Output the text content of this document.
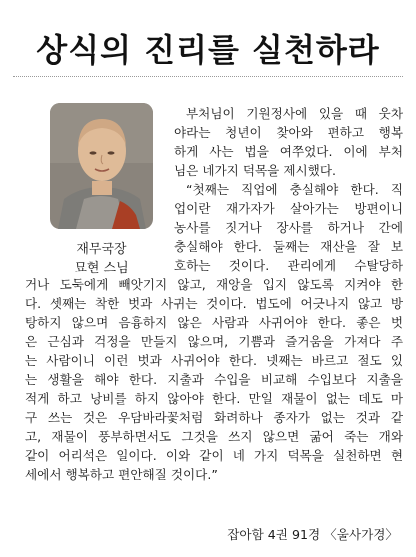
상식의 진리를 실천하라
재무국장
묘현 스님
부처님이 기원정사에 있을 때 웃차
야라는 청년이 찾아와 편하고 행복
하게 사는 법을 여쭈었다. 이에 부처
님은 네가지 덕목을 제시했다.
“첫째는 직업에 충실해야 한다. 직
업이란 재가자가 살아가는 방편이니
농사를 짓거나 장사를 하거나 간에
충실해야 한다. 둘째는 재산을 잘 보
호하는 것이다. 관리에게 수탈당하
거나 도둑에게 빼앗기지 않고, 재앙을 입지 않도록 지켜야 한
다. 셋째는 착한 벗과 사귀는 것이다. 법도에 어긋나지 않고 방
탕하지 않으며 음흉하지 않은 사람과 사귀어야 한다. 좋은 벗
은 근심과 걱정을 만들지 않으며, 기쁨과 즐거움을 가져다 주
는 사람이니 이런 벗과 사귀어야 한다. 넷째는 바르고 절도 있
는 생활을 해야 한다. 지출과 수입을 비교해 수입보다 지출을
적게 하고 낭비를 하지 않아야 한다. 만일 재물이 없는 데도 마
구 쓰는 것은 우담바라꽃처럼 화려하나 종자가 없는 것과 같
고, 재물이 풍부하면서도 그것을 쓰지 않으면 굶어 죽는 개와
같이 어리석은 일이다. 이와 같이 네 가지 덕목을 실천하면 현
세에서 행복하고 편안해질 것이다.”
잡아함 4권 91경 〈울사가경〉
